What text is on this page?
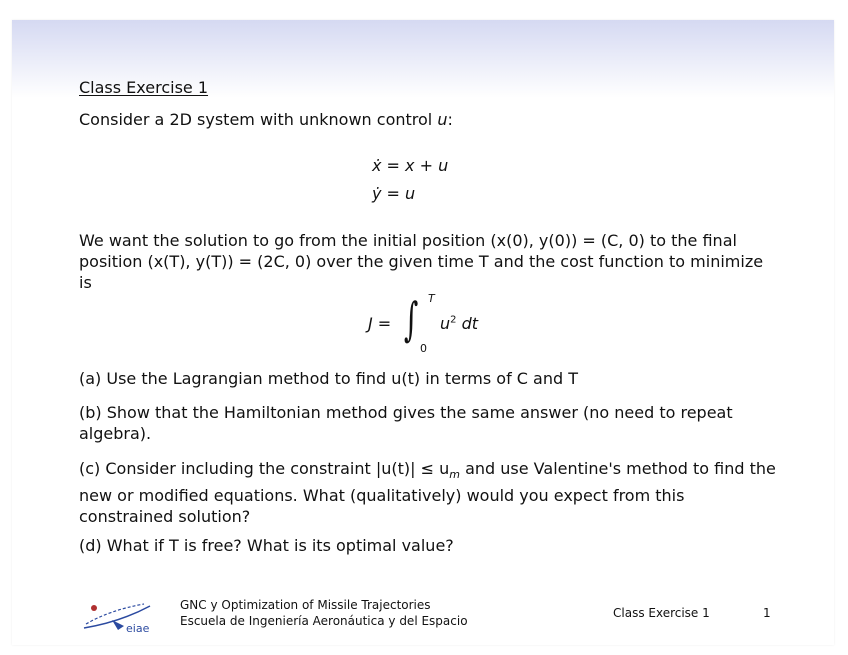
Class Exercise 1
Consider a 2D system with unknown control u:
ẋ = x + u
ẏ = u
We want the solution to go from the initial position (x(0), y(0)) = (C, 0) to the final position (x(T), y(T)) = (2C, 0) over the given time T and the cost function to minimize is
J = ∫ T
0
$u^2$ dt
(a) Use the Lagrangian method to find u(t) in terms of C and T
(b) Show that the Hamiltonian method gives the same answer (no need to repeat algebra).
(c) Consider including the constraint $|u(t)| \le u_m$ and use Valentine's method to find the new or modified equations. What (qualitatively) would you expect from this constrained solution?
(d) What if T is free? What is its optimal value?
eiae
GNC y Optimization of Missile Trajectories
Escuela de Ingeniería Aeronáutica y del Espacio
Class Exercise 1	1
